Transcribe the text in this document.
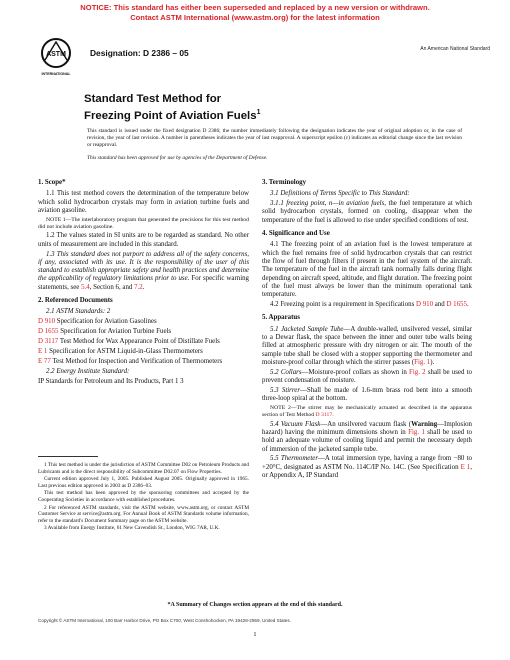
NOTICE: This standard has either been superseded and replaced by a new version or withdrawn.
Contact ASTM International (www.astm.org) for the latest information
ASTM
INTERNATIONAL
Designation: D 2386 – 05	An American National Standard
Standard Test Method for
Freezing Point of Aviation Fuels$^1$
This standard is issued under the fixed designation D 2386; the number immediately following the designation indicates the year of original adoption or, in the case of revision, the year of last revision. A number in parentheses indicates the year of last reapproval. A superscript epsilon (ε) indicates an editorial change since the last revision or reapproval.
This standard has been approved for use by agencies of the Department of Defense.

1. Scope*

1.1 This test method covers the determination of the temperature below which solid hydrocarbon crystals may form in aviation turbine fuels and aviation gasoline.

NOTE 1—The interlaboratory program that generated the precisions for this test method did not include aviation gasoline.

1.2 The values stated in SI units are to be regarded as standard. No other units of measurement are included in this standard.

1.3 This standard does not purport to address all of the safety concerns, if any, associated with its use. It is the responsibility of the user of this standard to establish appropriate safety and health practices and determine the applicability of regulatory limitations prior to use. For specific warning statements, see 5.4, Section 6, and 7.2.

2. Referenced Documents

2.1 ASTM Standards: 2

D 910 Specification for Aviation Gasolines

D 1655 Specification for Aviation Turbine Fuels

D 3117 Test Method for Wax Appearance Point of Distillate Fuels

E 1 Specification for ASTM Liquid-in-Glass Thermometers

E 77 Test Method for Inspection and Verification of Thermometers

2.2 Energy Institute Standard:

IP Standards for Petroleum and Its Products, Part 1 3

1 This test method is under the jurisdiction of ASTM Committee D02 on Petroleum Products and Lubricants and is the direct responsibility of Subcommittee D02.07 on Flow Properties.

Current edition approved July 1, 2005. Published August 2005. Originally approved in 1965. Last previous edition approved in 2003 as D 2386–03.

This test method has been approved by the sponsoring committees and accepted by the Cooperating Societies in accordance with established procedures.

2 For referenced ASTM standards, visit the ASTM website, www.astm.org, or contact ASTM Customer Service at service@astm.org. For Annual Book of ASTM Standards volume information, refer to the standard's Document Summary page on the ASTM website.

3 Available from Energy Institute, 61 New Cavendish St., London, WIG 7AR, U.K.

3. Terminology

3.1 Definitions of Terms Specific to This Standard:

3.1.1 freezing point, n—in aviation fuels, the fuel temperature at which solid hydrocarbon crystals, formed on cooling, disappear when the temperature of the fuel is allowed to rise under specified conditions of test.

4. Significance and Use

4.1 The freezing point of an aviation fuel is the lowest temperature at which the fuel remains free of solid hydrocarbon crystals that can restrict the flow of fuel through filters if present in the fuel system of the aircraft. The temperature of the fuel in the aircraft tank normally falls during flight depending on aircraft speed, altitude, and flight duration. The freezing point of the fuel must always be lower than the minimum operational tank temperature.

4.2 Freezing point is a requirement in Specifications D 910 and D 1655.

5. Apparatus

5.1 Jacketed Sample Tube—A double-walled, unsilvered vessel, similar to a Dewar flask, the space between the inner and outer tube walls being filled at atmospheric pressure with dry nitrogen or air. The mouth of the sample tube shall be closed with a stopper supporting the thermometer and moisture-proof collar through which the stirrer passes (Fig. 1).

5.2 Collars—Moisture-proof collars as shown in Fig. 2 shall be used to prevent condensation of moisture.

5.3 Stirrer—Shall be made of 1.6-mm brass rod bent into a smooth three-loop spiral at the bottom.

NOTE 2—The stirrer may be mechanically actuated as described in the apparatus section of Test Method D 3117.

5.4 Vacuum Flask—An unsilvered vacuum flask (Warning—Implosion hazard) having the minimum dimensions shown in Fig. 1 shall be used to hold an adequate volume of cooling liquid and permit the necessary depth of immersion of the jacketed sample tube.

5.5 Thermometer—A total immersion type, having a range from −80 to +20°C, designated as ASTM No. 114C/IP No. 14C. (See Specification E 1, or Appendix A, IP Standard

*A Summary of Changes section appears at the end of this standard.
Copyright © ASTM International, 100 Barr Harbor Drive, PO Box C700, West Conshohocken, PA 19428-2959, United States.
1
